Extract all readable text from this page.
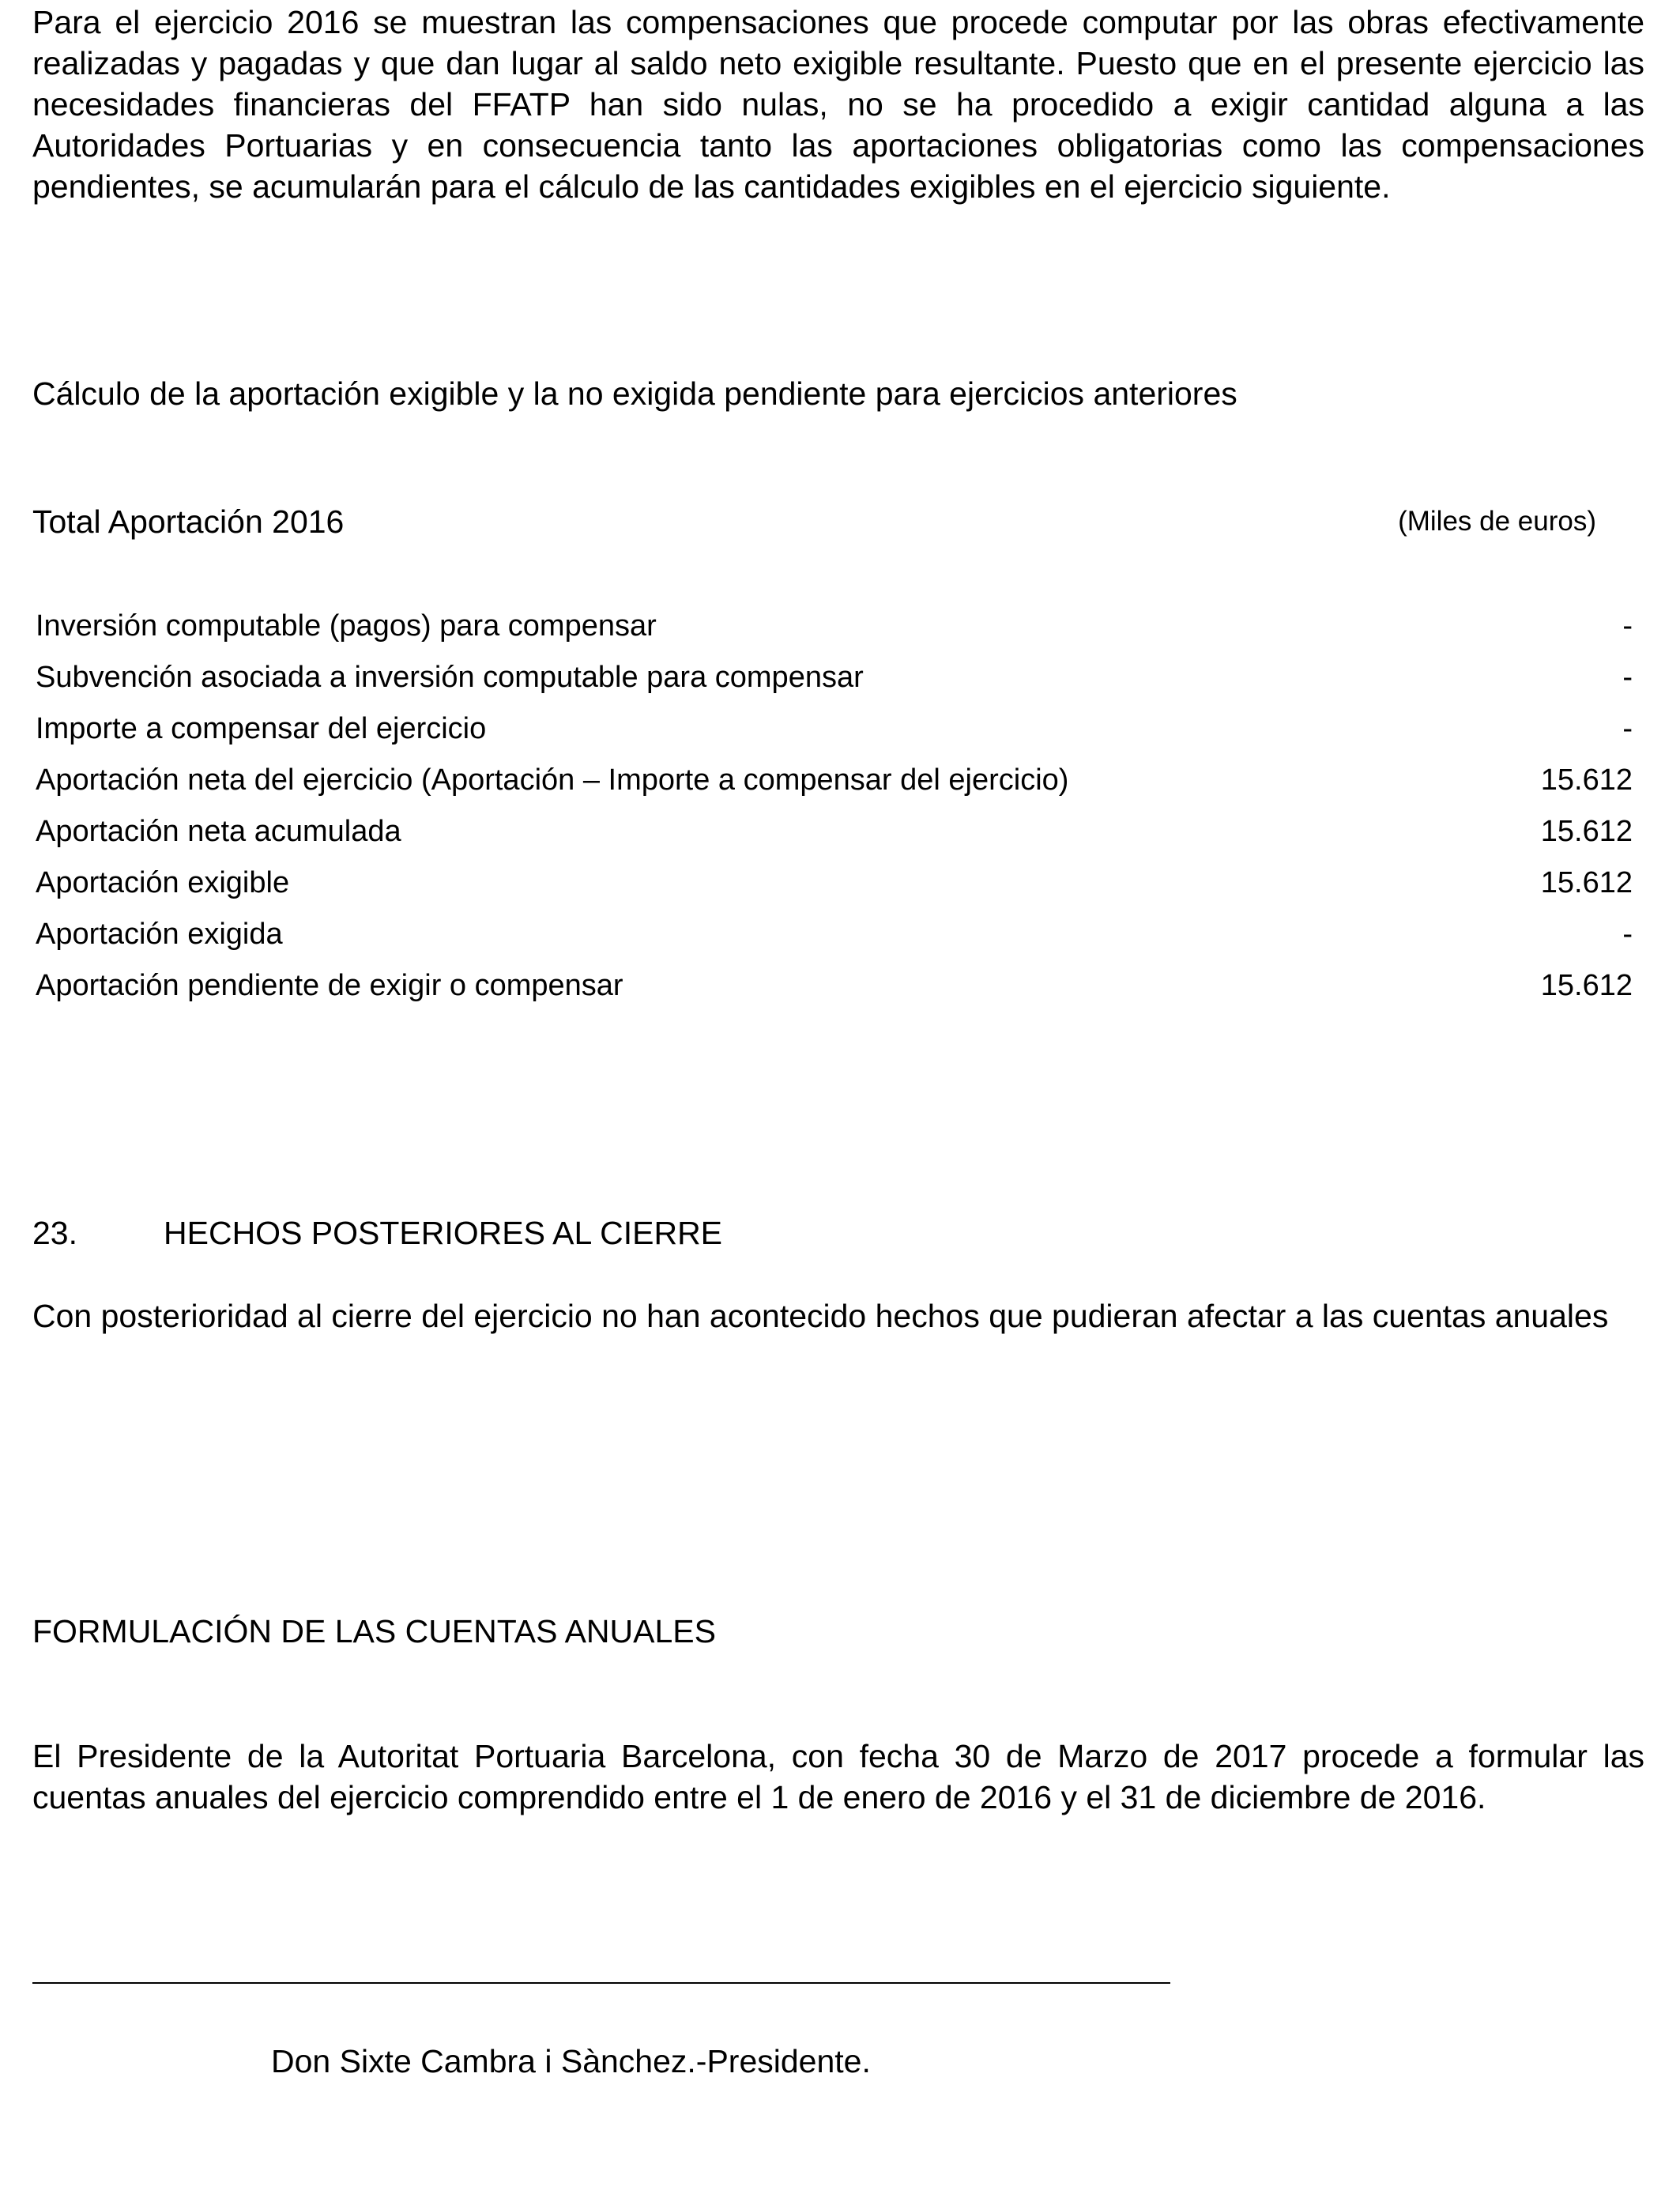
Para el ejercicio 2016 se muestran las compensaciones que procede computar por las obras efectivamente realizadas y pagadas y que dan lugar al saldo neto exigible resultante. Puesto que en el presente ejercicio las necesidades financieras del FFATP han sido nulas, no se ha procedido a exigir cantidad alguna a las Autoridades Portuarias y en consecuencia tanto las aportaciones obligatorias como las compensaciones pendientes, se acumularán para el cálculo de las cantidades exigibles en el ejercicio siguiente.

Cálculo de la aportación exigible y la no exigida pendiente para ejercicios anteriores
Total Aportación 2016	(Miles de euros)
Inversión computable (pagos) para compensar	-
Subvención asociada a inversión computable para compensar	-
Importe a compensar del ejercicio	-
Aportación neta del ejercicio (Aportación – Importe a compensar del ejercicio)	15.612
Aportación neta acumulada	15.612
Aportación exigible	15.612
Aportación exigida	-
Aportación pendiente de exigir o compensar	15.612
23.	HECHOS POSTERIORES AL CIERRE

Con posterioridad al cierre del ejercicio no han acontecido hechos que pudieran afectar a las cuentas anuales

FORMULACIÓN DE LAS CUENTAS ANUALES

El Presidente de la Autoritat Portuaria Barcelona, con fecha 30 de Marzo de 2017 procede a formular las cuentas anuales del ejercicio comprendido entre el 1 de enero de 2016 y el 31 de diciembre de 2016.

Don Sixte Cambra i Sànchez.-Presidente.
